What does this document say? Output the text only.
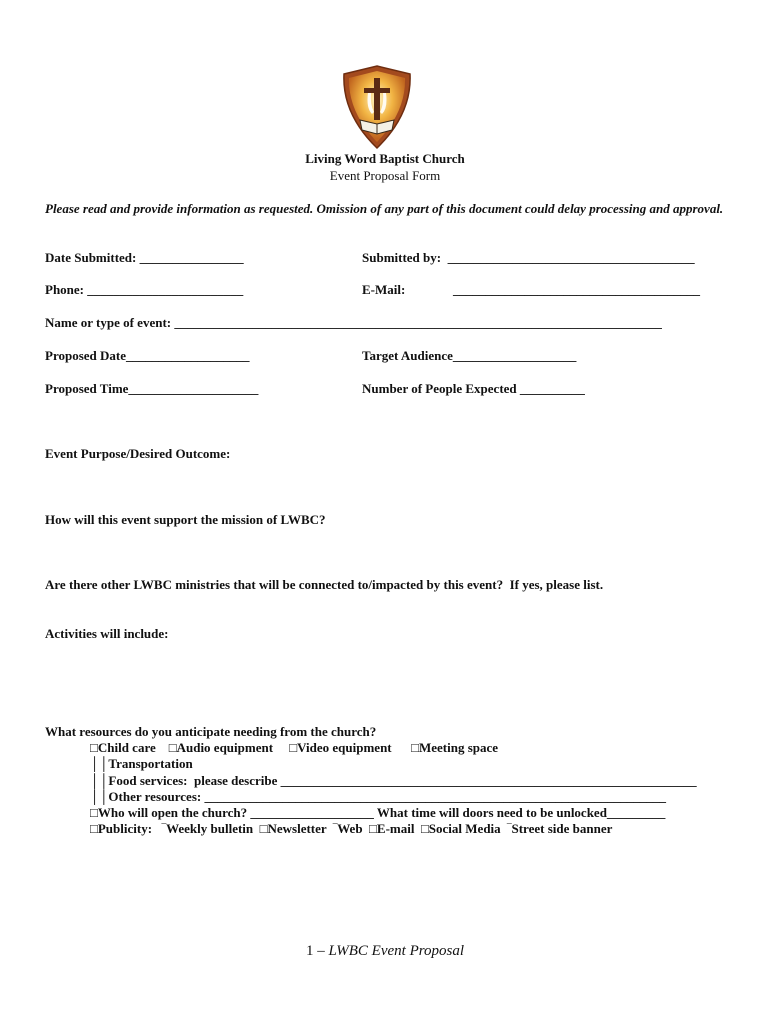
Living Word Baptist Church
Event Proposal Form
Please read and provide information as requested. Omission of any part of this document could delay processing and approval.
Date Submitted: ________________	Submitted by:  ______________________________________
Phone: ________________________	E-Mail:	______________________________________
Name or type of event: ___________________________________________________________________________
Proposed Date___________________	Target Audience___________________
Proposed Time____________________	Number of People Expected __________
Event Purpose/Desired Outcome:
How will this event support the mission of LWBC?
Are there other LWBC ministries that will be connected to/impacted by this event?  If yes, please list.
Activities will include:
What resources do you anticipate needing from the church?
□Child care    □Audio equipment     □Video equipment      □Meeting space
││Transportation
││Food services:  please describe ________________________________________________________________
││Other resources: _______________________________________________________________________
□Who will open the church? ___________________ What time will doors need to be unlocked_________
□Publicity:   ‾Weekly bulletin  □Newsletter  ‾Web  □E-mail  □Social Media  ‾Street side banner
1 – LWBC Event Proposal
